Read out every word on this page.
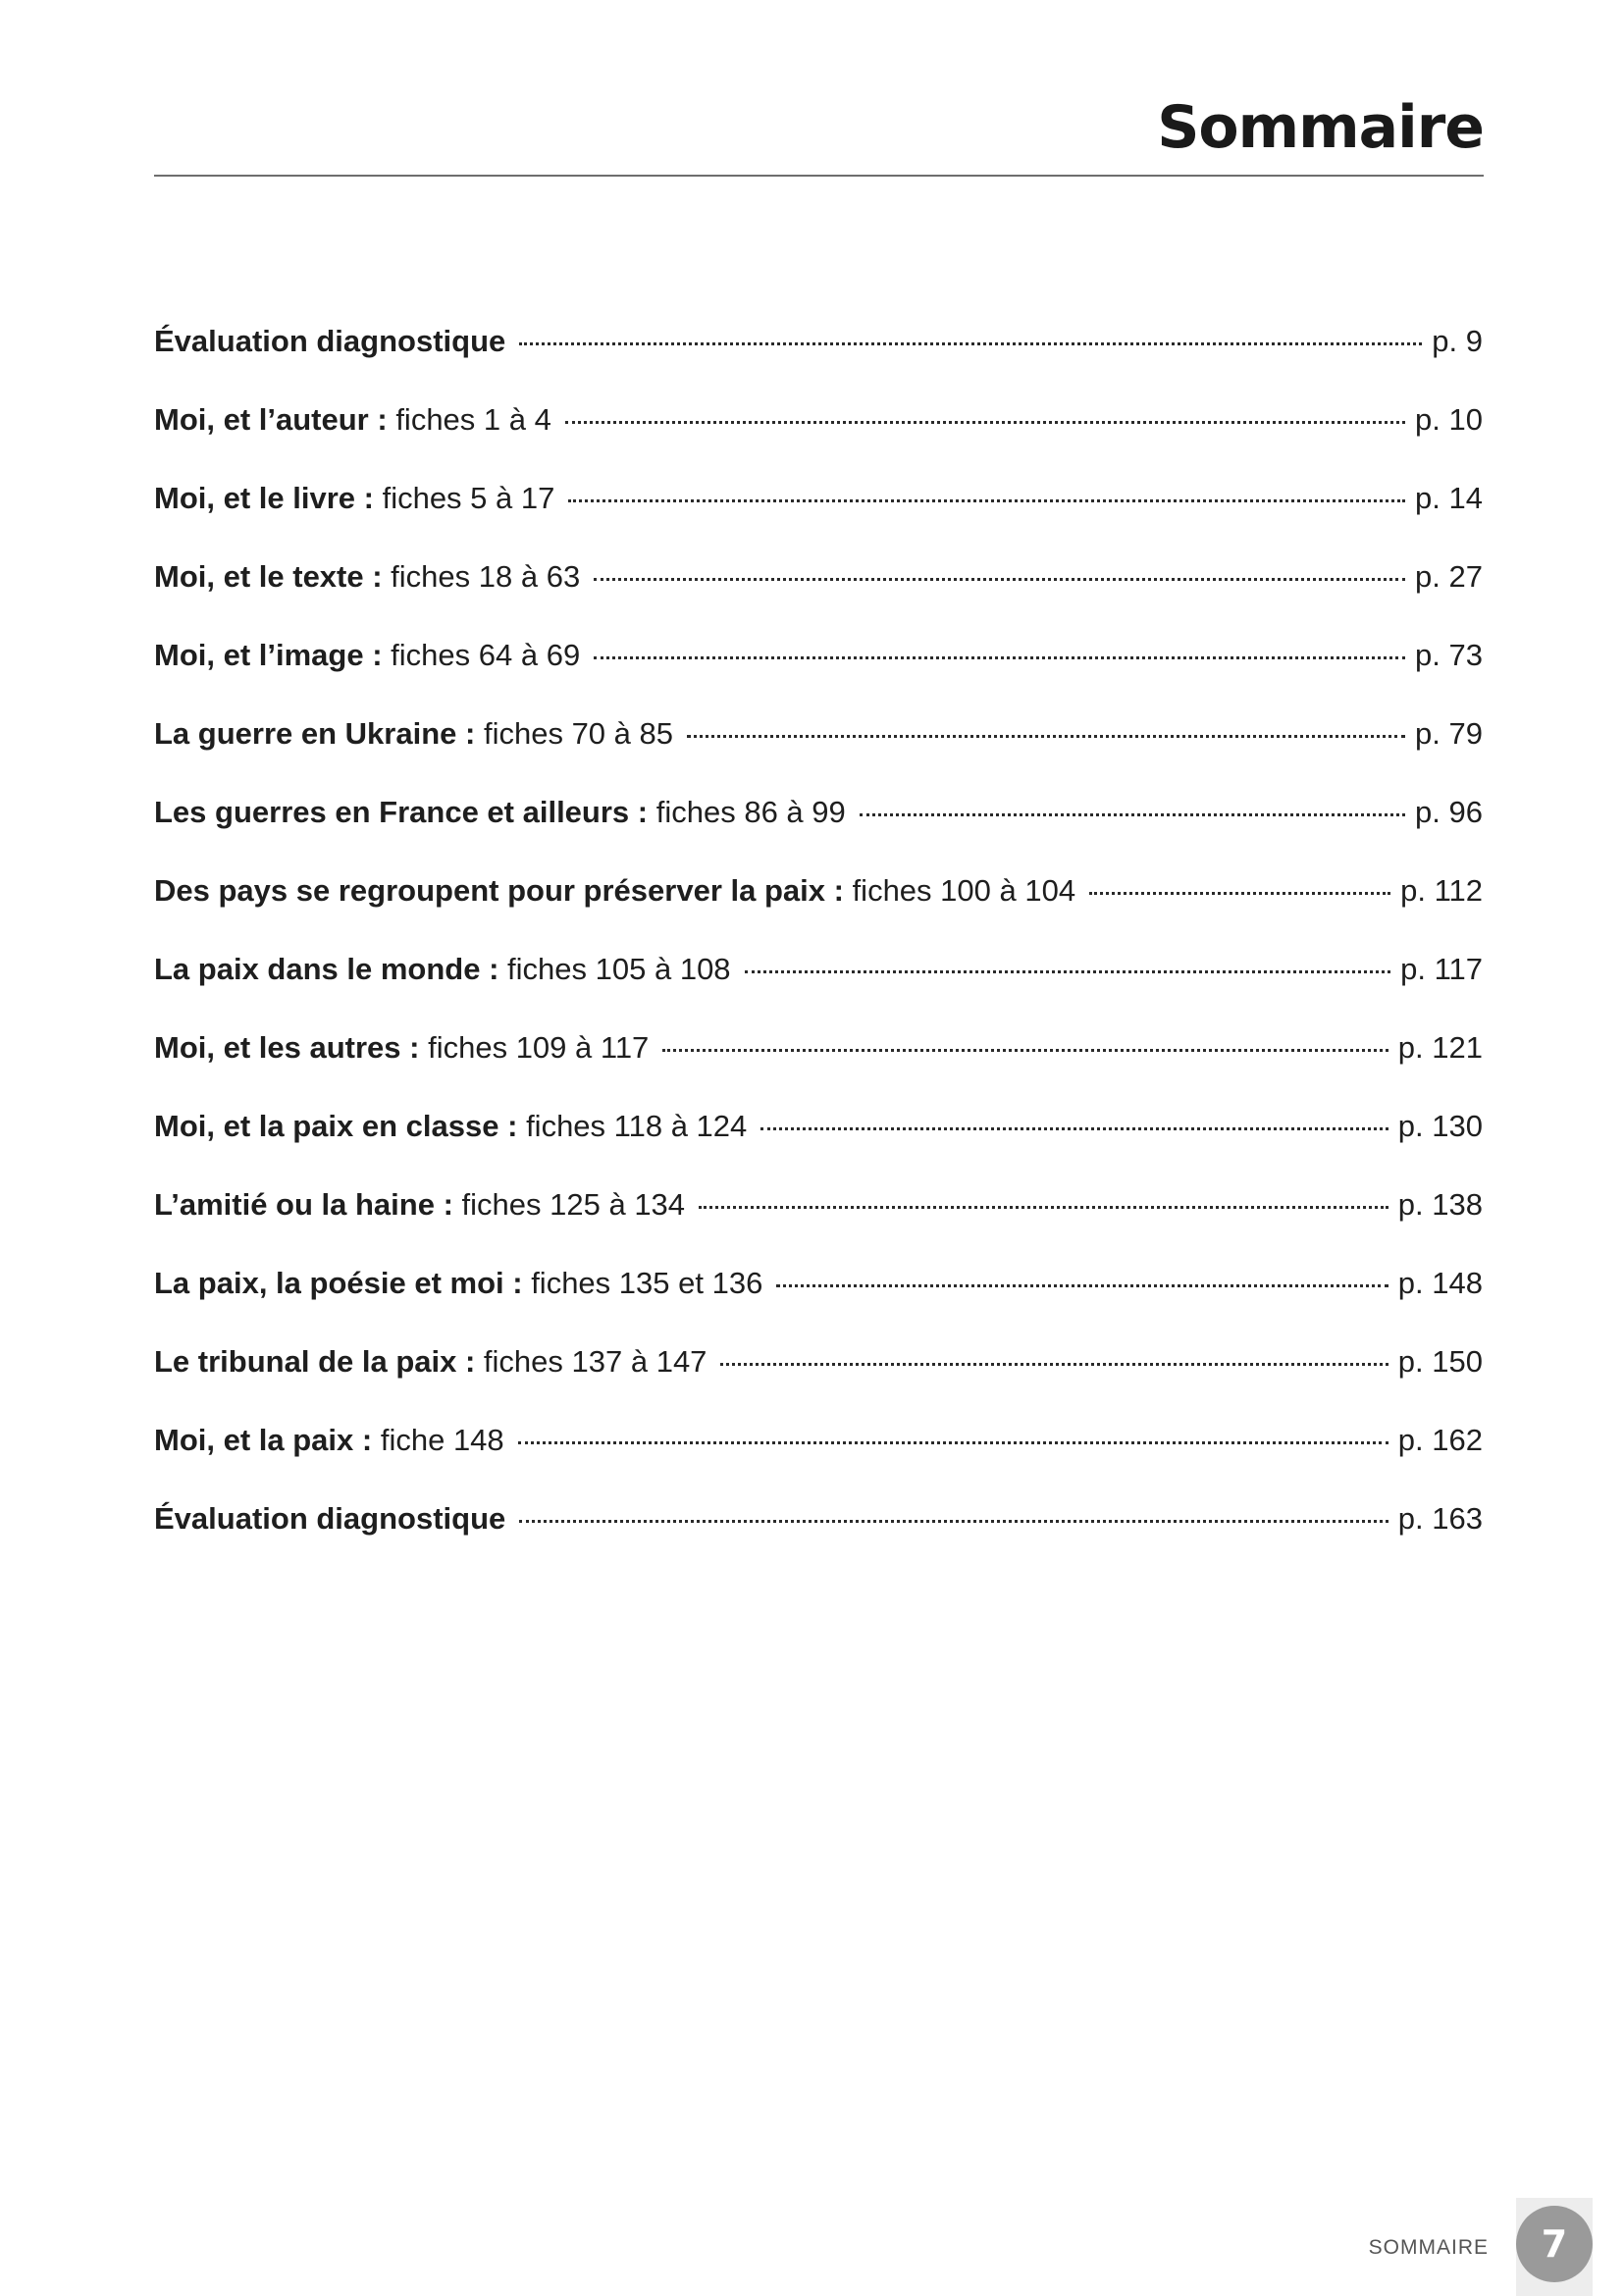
Sommaire
Évaluation diagnostique	p. 9
Moi, et l’auteur :
fiches 1 à 4	p. 10
Moi, et le livre :
fiches 5 à 17	p. 14
Moi, et le texte :
fiches 18 à 63	p. 27
Moi, et l’image :
fiches 64 à 69	p. 73
La guerre en Ukraine :
fiches 70 à 85	p. 79
Les guerres en France et ailleurs :
fiches 86 à 99	p. 96
Des pays se regroupent pour préserver la paix :
fiches 100 à 104	p. 112
La paix dans le monde :
fiches 105 à 108	p. 117
Moi, et les autres :
fiches 109 à 117	p. 121
Moi, et la paix en classe :
fiches 118 à 124	p. 130
L’amitié ou la haine :
fiches 125 à 134	p. 138
La paix, la poésie et moi :
fiches 135 et 136	p. 148
Le tribunal de la paix :
fiches 137 à 147	p. 150
Moi, et la paix :
fiche 148	p. 162
Évaluation diagnostique	p. 163
SOMMAIRE	7
